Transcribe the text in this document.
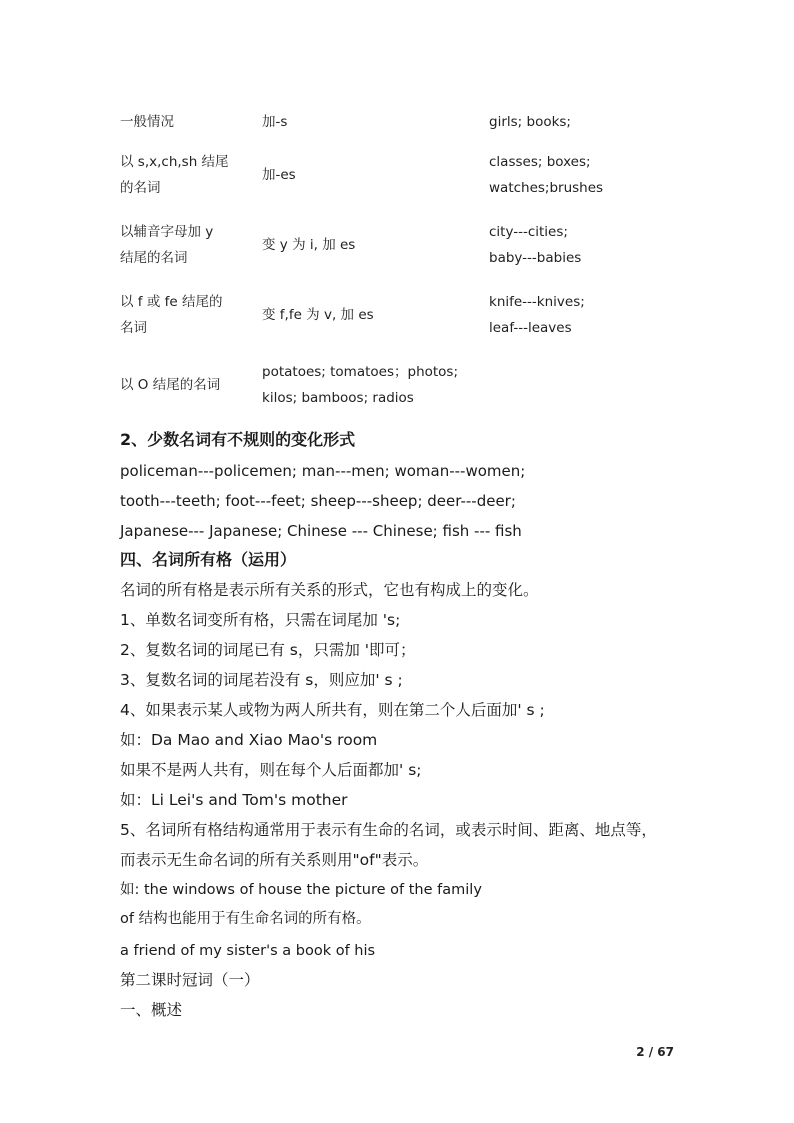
一般情况	加-s	girls; books;
以 s,x,ch,sh 结尾
的名词
加-es
classes; boxes;
watches;brushes
以辅音字母加 y
结尾的名词
变 y 为 i, 加 es
city---cities;
baby---babies
以 f 或 fe 结尾的
名词
变 f,fe 为 v, 加 es
knife---knives;
leaf---leaves
以 O 结尾的名词
potatoes; tomatoes；photos;
kilos; bamboos; radios
2、少数名词有不规则的变化形式
policeman---policemen; man---men; woman---women;
tooth---teeth; foot---feet; sheep---sheep; deer---deer;
Japanese--- Japanese; Chinese --- Chinese; fish --- fish
四、名词所有格（运用）
名词的所有格是表示所有关系的形式，它也有构成上的变化。
1、单数名词变所有格，只需在词尾加 's;
2、复数名词的词尾已有 s，只需加 '即可；
3、复数名词的词尾若没有 s，则应加' s ;
4、如果表示某人或物为两人所共有，则在第二个人后面加' s ;
如：Da Mao and Xiao Mao's room
如果不是两人共有，则在每个人后面都加' s;
如：Li Lei's and Tom's mother
5、名词所有格结构通常用于表示有生命的名词，或表示时间、距离、地点等，
而表示无生命名词的所有关系则用"of"表示。
如: the windows of house the picture of the family
of 结构也能用于有生命名词的所有格。
a friend of my sister's a book of his
第二课时冠词（一）
一、概述
2 / 67
